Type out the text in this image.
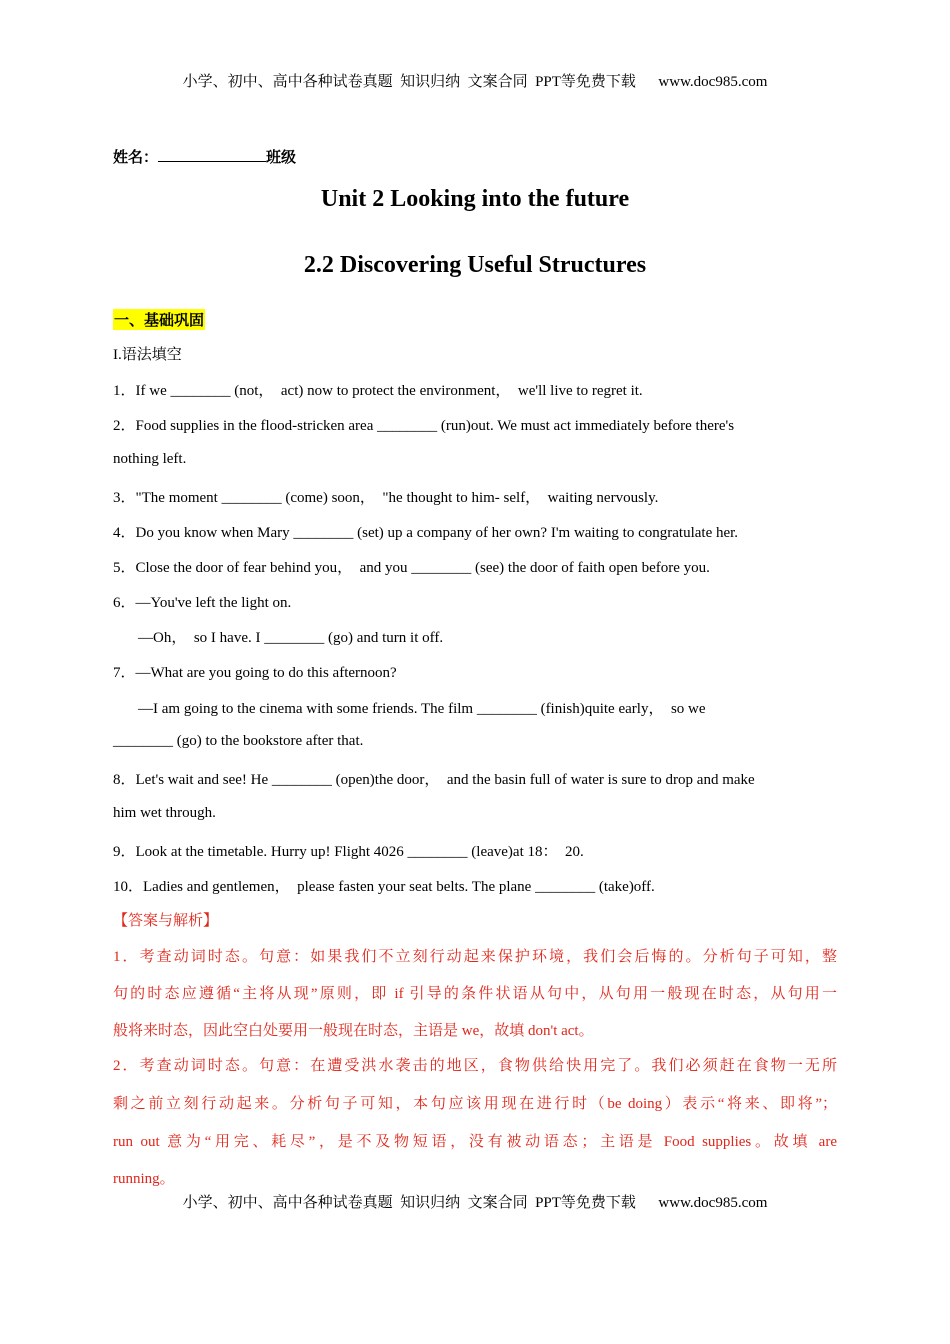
小学、初中、高中各种试卷真题  知识归纳  文案合同  PPT等免费下载      www.doc985.com
姓名：	班级
Unit 2 Looking into the future
2.2 Discovering Useful Structures
一、基础巩固
I.语法填空
1．If we ________ (not，  act) now to protect the environment，  we'll live to regret it.
2．Food supplies in the flood-stricken area ________ (run)out. We must act immediately before there's
nothing left.
3．"The moment ________ (come) soon，  "he thought to him- self，  waiting nervously.
4．Do you know when Mary ________ (set) up a company of her own? I'm waiting to congratulate her.
5．Close the door of fear behind you，  and you ________ (see) the door of faith open before you.
6．—You've left the light on.
—Oh，  so I have. I ________ (go) and turn it off.
7．—What are you going to do this afternoon?
—I am going to the cinema with some friends. The film ________ (finish)quite early，  so we
________ (go) to the bookstore after that.
8．Let's wait and see! He ________ (open)the door，  and the basin full of water is sure to drop and make
him wet through.
9．Look at the timetable. Hurry up! Flight 4026 ________ (leave)at 18：  20.
10．Ladies and gentlemen，  please fasten your seat belts. The plane ________ (take)off.
【答案与解析】
1．考查动词时态。句意：如果我们不立刻行动起来保护环境，我们会后悔的。分析句子可知，整
句的时态应遵循“主将从现”原则，即 if 引导的条件状语从句中，从句用一般现在时态，从句用一
般将来时态，因此空白处要用一般现在时态，主语是 we，故填 don't act。
2．考查动词时态。句意：在遭受洪水袭击的地区，食物供给快用完了。我们必须赶在食物一无所
剩之前立刻行动起来。分析句子可知，本句应该用现在进行时（be doing）表示“将来、即将”；
run out 意为“用完、耗尽”，是不及物短语，没有被动语态；主语是 Food supplies。故填 are
running。
小学、初中、高中各种试卷真题  知识归纳  文案合同  PPT等免费下载      www.doc985.com
